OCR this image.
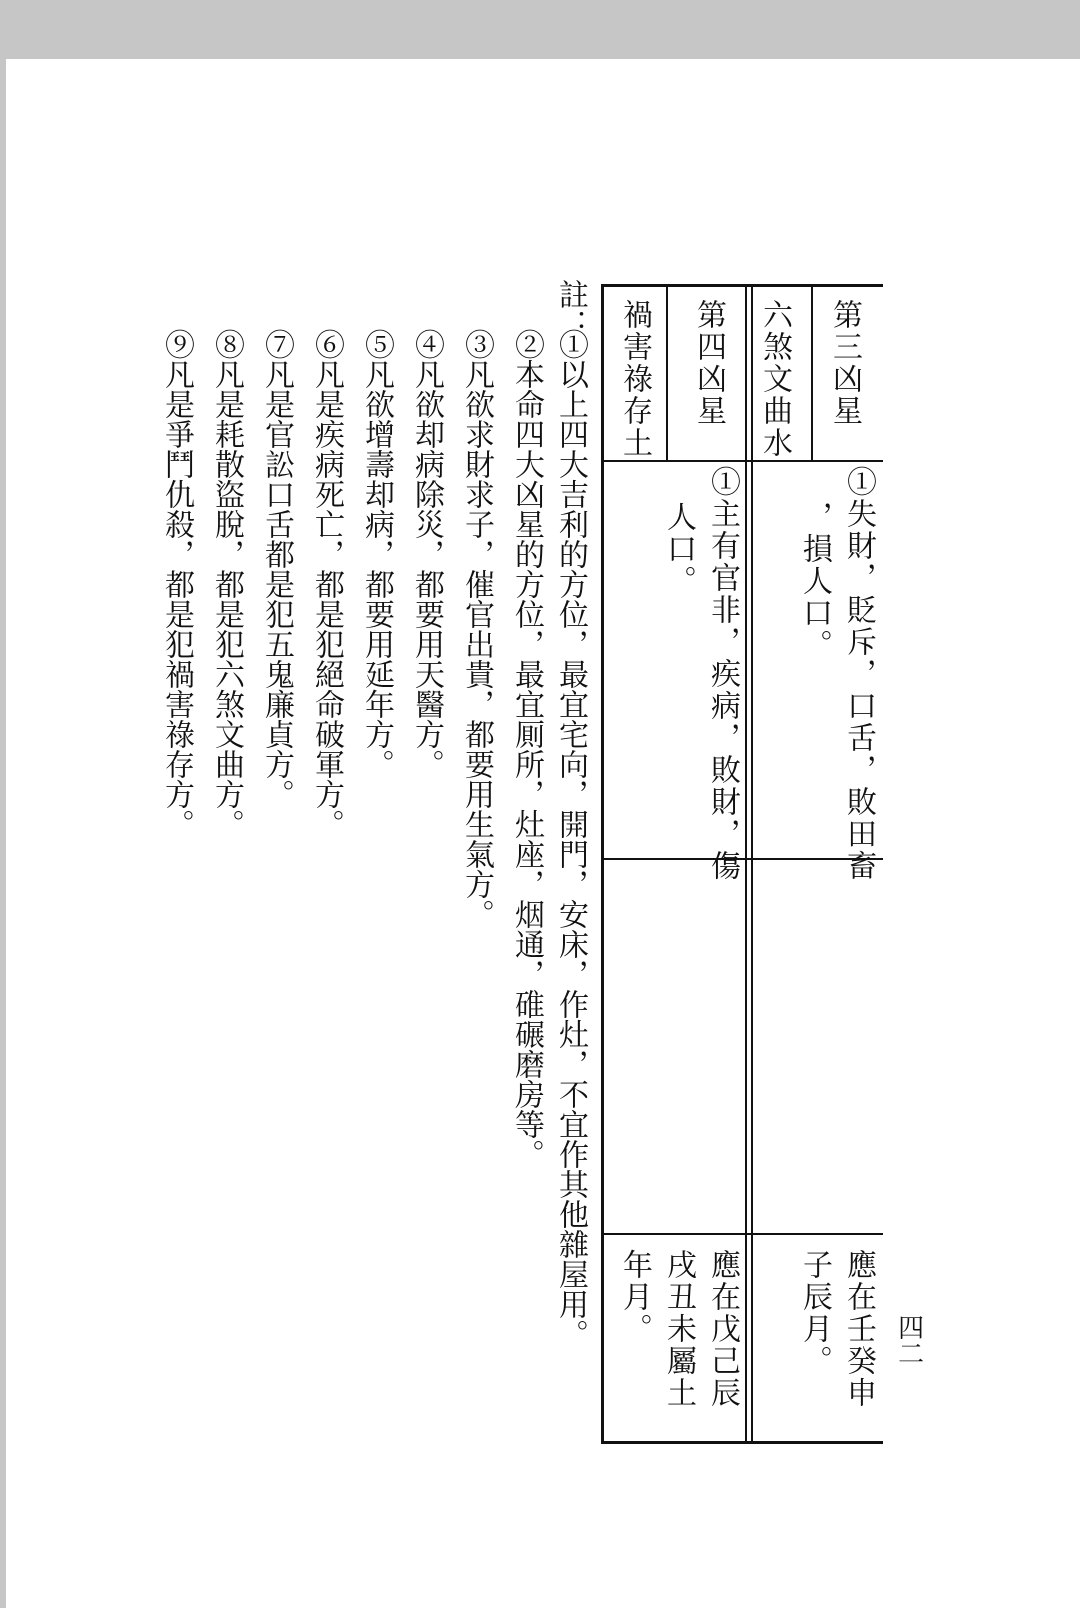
四二
第三凶星
六煞文曲水
第四凶星
禍害祿存土
①失財，貶斥，口舌，敗田畜
，損人口。
①主有官非，疾病，敗財，傷
人口。
應在壬癸申
子辰月。
應在戊己辰
戌丑未屬土
年月。
註：
①以上四大吉利的方位，最宜宅向，開門，安床，作灶，不宜作其他雜屋用。
②本命四大凶星的方位，最宜厠所，灶座，烟通，碓碾磨房等。
③凡欲求財求子，催官出貴，都要用生氣方。
④凡欲却病除災，都要用天醫方。
⑤凡欲增壽却病，都要用延年方。
⑥凡是疾病死亡，都是犯絕命破軍方。
⑦凡是官訟口舌都是犯五鬼廉貞方。
⑧凡是耗散盜脫，都是犯六煞文曲方。
⑨凡是爭鬥仇殺，都是犯禍害祿存方。
